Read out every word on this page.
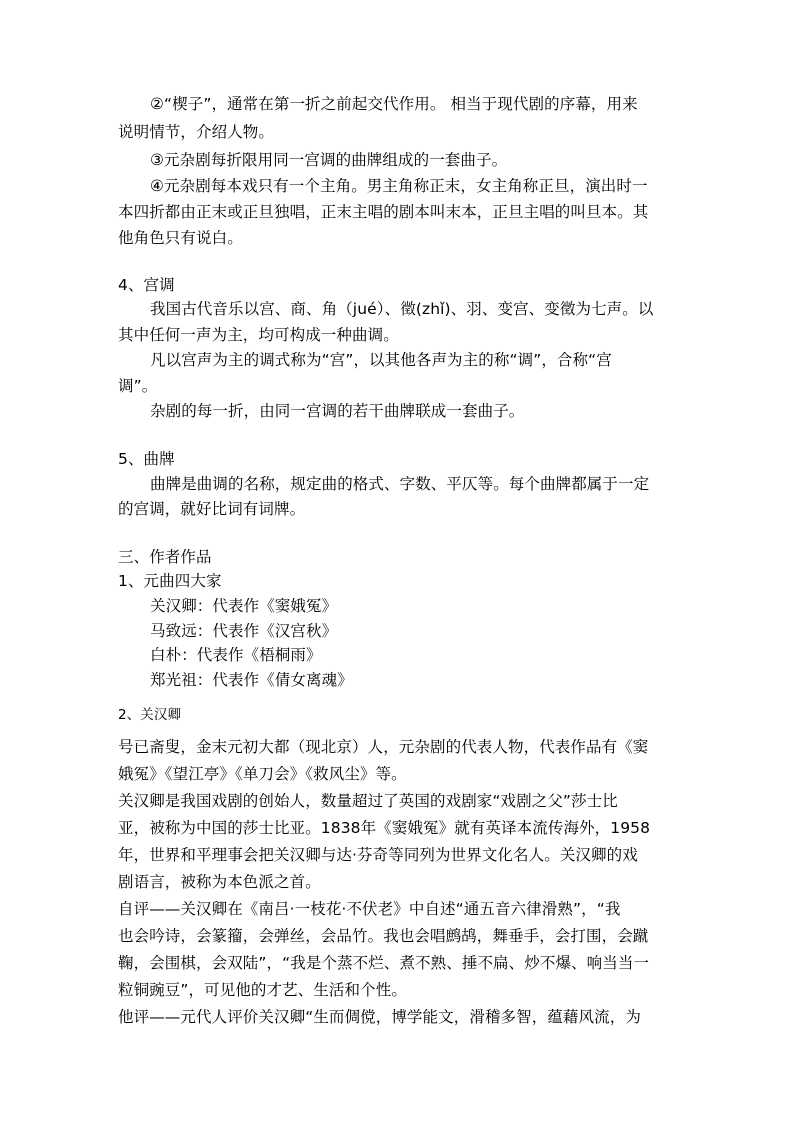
②“楔子”，通常在第一折之前起交代作用。 相当于现代剧的序幕，用来
说明情节，介绍人物。
③元杂剧每折限用同一宫调的曲牌组成的一套曲子。
④元杂剧每本戏只有一个主角。男主角称正末，女主角称正旦，演出时一
本四折都由正末或正旦独唱，正末主唱的剧本叫末本，正旦主唱的叫旦本。其
他角色只有说白。
4、宫调
我国古代音乐以宫、商、角（jué）、徵(zhǐ)、羽、变宫、变徵为七声。以
其中任何一声为主，均可构成一种曲调。
凡以宫声为主的调式称为“宫”，以其他各声为主的称“调”，合称“宫
调”。
杂剧的每一折，由同一宫调的若干曲牌联成一套曲子。
5、曲牌
曲牌是曲调的名称，规定曲的格式、字数、平仄等。每个曲牌都属于一定
的宫调，就好比词有词牌。
三、作者作品
1、元曲四大家
关汉卿：代表作《窦娥冤》
马致远：代表作《汉宫秋》
白朴：代表作《梧桐雨》
郑光祖：代表作《倩女离魂》
2、关汉卿
号已斋叟，金末元初大都（现北京）人，元杂剧的代表人物，代表作品有《窦
娥冤》《望江亭》《单刀会》《救风尘》等。
关汉卿是我国戏剧的创始人，数量超过了英国的戏剧家“戏剧之父”莎士比
亚，被称为中国的莎士比亚。1838年《窦娥冤》就有英译本流传海外，1958
年，世界和平理事会把关汉卿与达·芬奇等同列为世界文化名人。关汉卿的戏
剧语言，被称为本色派之首。
自评——关汉卿在《南吕·一枝花·不伏老》中自述“通五音六律滑熟”，“我
也会吟诗，会篆籀，会弹丝，会品竹。我也会唱鹧鸪，舞垂手，会打围，会蹴
鞠，会围棋，会双陆”，“我是个蒸不烂、煮不熟、捶不扁、炒不爆、响当当一
粒铜豌豆”，可见他的才艺、生活和个性。
他评——元代人评价关汉卿“生而倜傥，博学能文，滑稽多智，蕴藉风流，为
